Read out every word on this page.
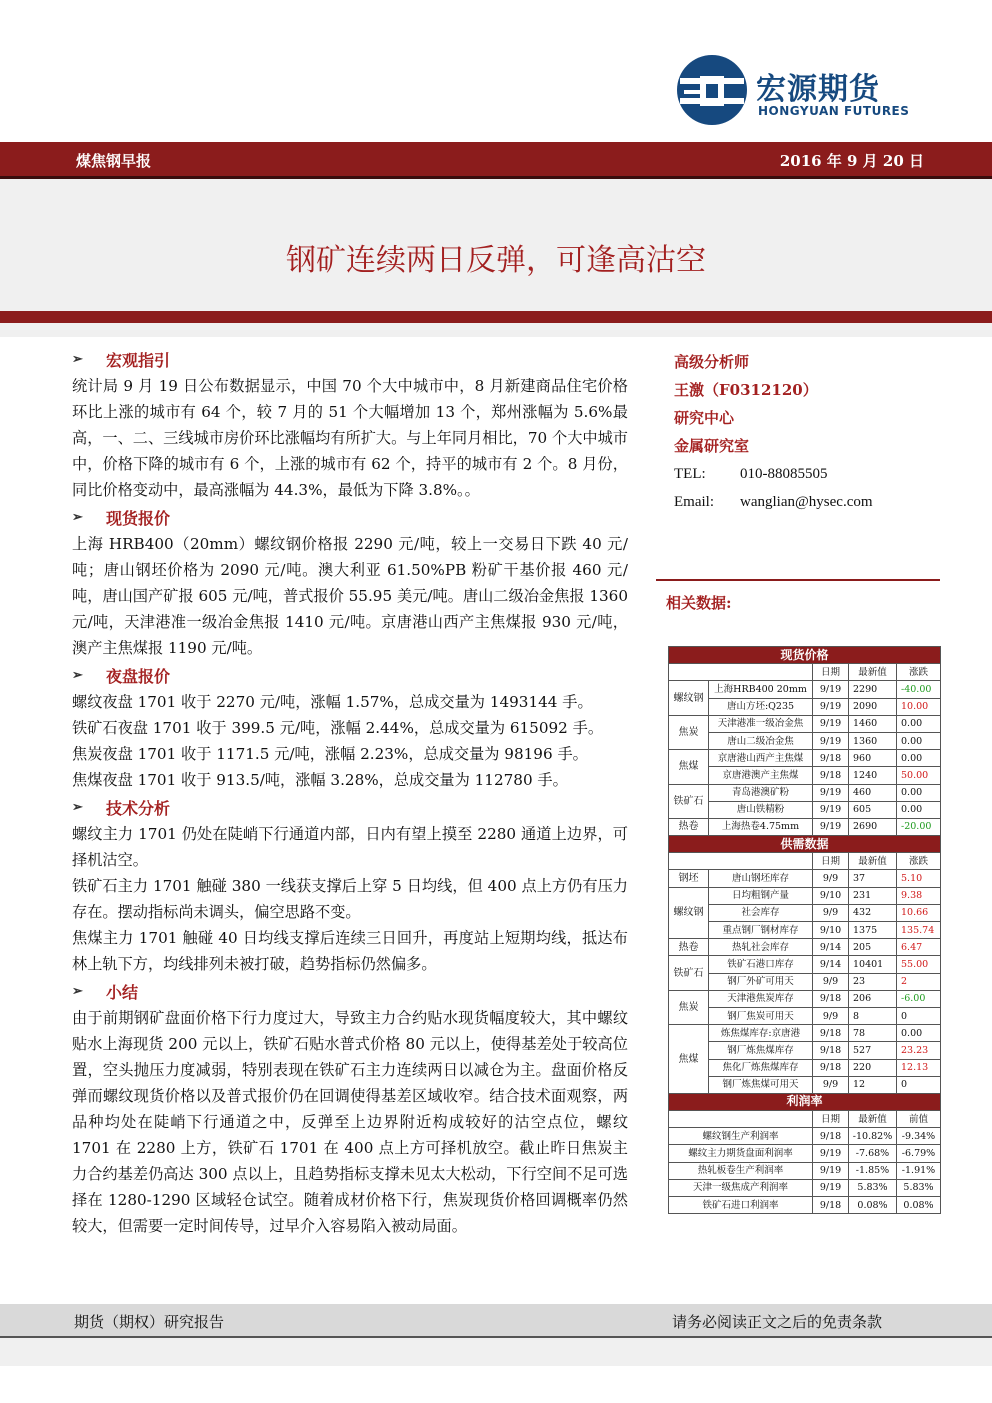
宏源期货
HONGYUAN FUTURES
煤焦钢早报	2016 年 9 月 20 日
钢矿连续两日反弹，可逢高沽空
➢	宏观指引

统计局 9 月 19 日公布数据显示，中国 70 个大中城市中，8 月新建商品住宅价格环比上涨的城市有 64 个，较 7 月的 51 个大幅增加 13 个，郑州涨幅为 5.6%最高，一、二、三线城市房价环比涨幅均有所扩大。与上年同月相比，70 个大中城市中，价格下降的城市有 6 个，上涨的城市有 62 个，持平的城市有 2 个。8 月份，同比价格变动中，最高涨幅为 44.3%，最低为下降 3.8%。。

➢	现货报价

上海 HRB400（20mm）螺纹钢价格报 2290 元/吨，较上一交易日下跌 40 元/吨；唐山钢坯价格为 2090 元/吨。澳大利亚 61.50%PB 粉矿干基价报 460 元/吨，唐山国产矿报 605 元/吨，普式报价 55.95 美元/吨。唐山二级冶金焦报 1360 元/吨，天津港准一级冶金焦报 1410 元/吨。京唐港山西产主焦煤报 930 元/吨，澳产主焦煤报 1190 元/吨。

➢	夜盘报价

螺纹夜盘 1701 收于 2270 元/吨，涨幅 1.57%，总成交量为 1493144 手。

铁矿石夜盘 1701 收于 399.5 元/吨，涨幅 2.44%，总成交量为 615092 手。

焦炭夜盘 1701 收于 1171.5 元/吨，涨幅 2.23%，总成交量为 98196 手。

焦煤夜盘 1701 收于 913.5/吨，涨幅 3.28%，总成交量为 112780 手。

➢	技术分析

螺纹主力 1701 仍处在陡峭下行通道内部，日内有望上摸至 2280 通道上边界，可择机沽空。

铁矿石主力 1701 触碰 380 一线获支撑后上穿 5 日均线，但 400 点上方仍有压力存在。摆动指标尚未调头，偏空思路不变。

焦煤主力 1701 触碰 40 日均线支撑后连续三日回升，再度站上短期均线，抵达布林上轨下方，均线排列未被打破，趋势指标仍然偏多。

➢	小结

由于前期钢矿盘面价格下行力度过大，导致主力合约贴水现货幅度较大，其中螺纹贴水上海现货 200 元以上，铁矿石贴水普式价格 80 元以上，使得基差处于较高位置，空头抛压力度减弱，特别表现在铁矿石主力连续两日以减仓为主。盘面价格反弹而螺纹现货价格以及普式报价仍在回调使得基差区域收窄。结合技术面观察，两品种均处在陡峭下行通道之中，反弹至上边界附近构成较好的沽空点位，螺纹 1701 在 2280 上方，铁矿石 1701 在 400 点上方可择机放空。截止昨日焦炭主力合约基差仍高达 300 点以上，且趋势指标支撑未见太大松动，下行空间不足可选择在 1280-1290 区域轻仓试空。随着成材价格下行，焦炭现货价格回调概率仍然较大，但需要一定时间传导，过早介入容易陷入被动局面。

高级分析师
王激（F0312120）
研究中心
金属研究室
TEL: 010-88085505
Email: wanglian@hysec.com
相关数据:
现货价格				
		日期	最新值	涨跌
螺纹钢	上海HRB400 20mm	9/19	2290	-40.00
	唐山方坯:Q235	9/19	2090	10.00
焦炭	天津港准一级冶金焦	9/19	1460	0.00
	唐山二级冶金焦	9/19	1360	0.00
焦煤	京唐港山西产主焦煤	9/18	960	0.00
	京唐港澳产主焦煤	9/18	1240	50.00
铁矿石	青岛港澳矿粉	9/19	460	0.00
	唐山铁精粉	9/19	605	0.00
热卷	上海热卷4.75mm	9/19	2690	-20.00
供需数据				
		日期	最新值	涨跌
钢坯	唐山钢坯库存	9/9	37	5.10
螺纹钢	日均粗钢产量	9/10	231	9.38
	社会库存	9/9	432	10.66
	重点钢厂钢材库存	9/10	1375	135.74
热卷	热轧社会库存	9/14	205	6.47
铁矿石	铁矿石港口库存	9/14	10401	55.00
	钢厂外矿可用天	9/9	23	2
焦炭	天津港焦炭库存	9/18	206	-6.00
	钢厂焦炭可用天	9/9	8	0
焦煤	炼焦煤库存:京唐港	9/18	78	0.00
	钢厂炼焦煤库存	9/18	527	23.23
	焦化厂炼焦煤库存	9/18	220	12.13
	钢厂炼焦煤可用天	9/9	12	0
利润率				
		日期	最新值	前值
螺纹钢生产利润率		9/18	-10.82%	-9.34%
螺纹主力期货盘面利润率		9/19	-7.68%	-6.79%
热轧板卷生产利润率		9/19	-1.85%	-1.91%
天津一级焦成产利润率		9/19	5.83%	5.83%
铁矿石进口利润率		9/18	0.08%	0.08%
期货（期权）研究报告	请务必阅读正文之后的免责条款
